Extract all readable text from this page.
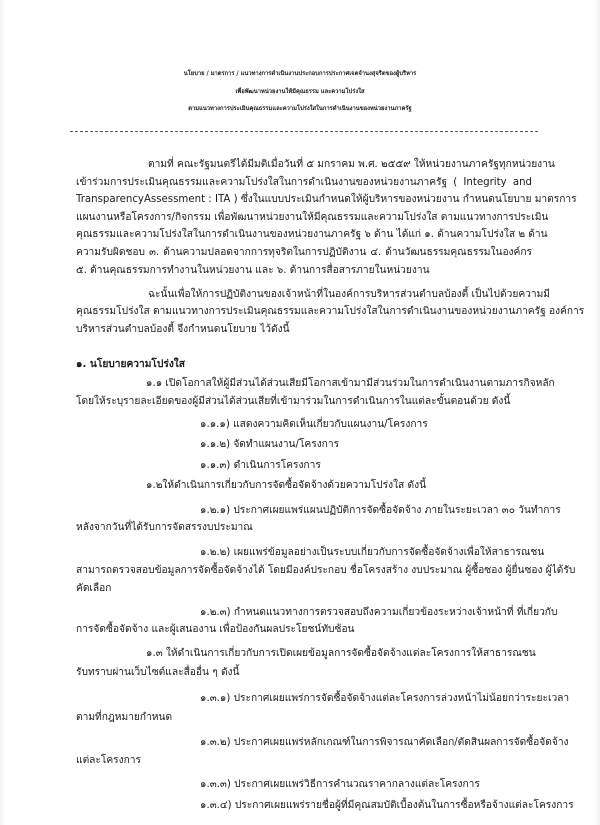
นโยบาย / มาตรการ / แนวทางการดำเนินงานประกอบการประกาศเจตจำนงสุจริตของผู้บริหาร
เพื่อพัฒนาหน่วยงานให้มีคุณธรรม และความโปร่งใส
ตามแนวทางการประเมินคุณธรรมและความโปร่งใสในการดำเนินงานของหน่วยงานภาครัฐ
ตามที่ คณะรัฐมนตรีได้มีมติเมื่อวันที่ ๕ มกราคม พ.ศ. ๒๕๕๙ ให้หน่วยงานภาครัฐทุกหน่วยงาน
เข้าร่วมการประเมินคุณธรรมและความโปร่งใสในการดำเนินงานของหน่วยงานภาครัฐ ( Integrity and
TransparencyAssessment : ITA ) ซึ่งในแบบประเมินกำหนดให้ผู้บริหารของหน่วยงาน กำหนดนโยบาย มาตรการ
แผนงานหรือโครงการ/กิจกรรม เพื่อพัฒนาหน่วยงานให้มีคุณธรรมและความโปร่งใส ตามแนวทางการประเมิน
คุณธรรมและความโปร่งใสในการดำเนินงานของหน่วยงานภาครัฐ ๖ ด้าน ได้แก่ ๑. ด้านความโปร่งใส ๒ ด้าน
ความรับผิดชอบ ๓. ด้านความปลอดจากการทุจริตในการปฏิบัติงาน ๔. ด้านวัฒนธรรมคุณธรรมในองค์กร
๕. ด้านคุณธรรมการทำงานในหน่วยงาน และ ๖. ด้านการสื่อสารภายในหน่วยงาน
ฉะนั้นเพื่อให้การปฏิบัติงานของเจ้าหน้าที่ในองค์การบริหารส่วนตำบลบ้องตี้ เป็นไปด้วยความมี
คุณธรรมโปร่งใส ตามแนวทางการประเมินคุณธรรมและความโปร่งใสในการดำเนินงานของหน่วยงานภาครัฐ องค์การ
บริหารส่วนตำบลบ้องตี้ จึงกำหนดนโยบาย ไว้ดังนี้
๑. นโยบายความโปร่งใส
๑.๑ เปิดโอกาสให้ผู้มีส่วนได้ส่วนเสียมีโอกาสเข้ามามีส่วนร่วมในการดำเนินงานตามภารกิจหลัก
โดยให้ระบุรายละเอียดของผู้มีส่วนได้ส่วนเสียที่เข้ามาร่วมในการดำเนินการในแต่ละขั้นตอนด้วย ดังนี้
๑.๑.๑) แสดงความคิดเห็นเกี่ยวกับแผนงาน/โครงการ
๑.๑.๒) จัดทำแผนงาน/โครงการ
๑.๑.๓) ดำเนินการโครงการ
๑.๒ให้ดำเนินการเกี่ยวกับการจัดซื้อจัดจ้างด้วยความโปร่งใส ดังนี้
๑.๒.๑) ประกาศเผยแพร่แผนปฏิบัติการจัดซื้อจัดจ้าง ภายในระยะเวลา ๓๐ วันทำการ
หลังจากวันที่ได้รับการจัดสรรงบประมาณ
๑.๒.๒) เผยแพร่ข้อมูลอย่างเป็นระบบเกี่ยวกับการจัดซื้อจัดจ้างเพื่อให้สาธารณชน
สามารถตรวจสอบข้อมูลการจัดซื้อจัดจ้างได้ โดยมีองค์ประกอบ ชื่อโครงสร้าง งบประมาณ ผู้ซื้อซอง ผู้ยื่นซอง ผู้ได้รับ
คัดเลือก
๑.๒.๓) กำหนดแนวทางการตรวจสอบถึงความเกี่ยวข้องระหว่างเจ้าหน้าที่ ที่เกี่ยวกับ
การจัดซื้อจัดจ้าง และผู้เสนองาน เพื่อป้องกันผลประโยชน์ทับซ้อน
๑.๓ ให้ดำเนินการเกี่ยวกับการเปิดเผยข้อมูลการจัดซื้อจัดจ้างแต่ละโครงการให้สาธารณชน
รับทราบผ่านเว็บไซต์และสื่ออื่น ๆ ดังนี้
๑.๓.๑) ประกาศเผยแพร่การจัดซื้อจัดจ้างแต่ละโครงการล่วงหน้าไม่น้อยกว่าระยะเวลา
ตามที่กฎหมายกำหนด
๑.๓.๒) ประกาศเผยแพร่หลักเกณฑ์ในการพิจารณาคัดเลือก/ตัดสินผลการจัดซื้อจัดจ้าง
แต่ละโครงการ
๑.๓.๓) ประกาศเผยแพร่วิธีการคำนวณราคากลางแต่ละโครงการ
๑.๓.๔) ประกาศเผยแพร่รายชื่อผู้ที่มีคุณสมบัติเบื้องต้นในการซื้อหรือจ้างแต่ละโครงการ
